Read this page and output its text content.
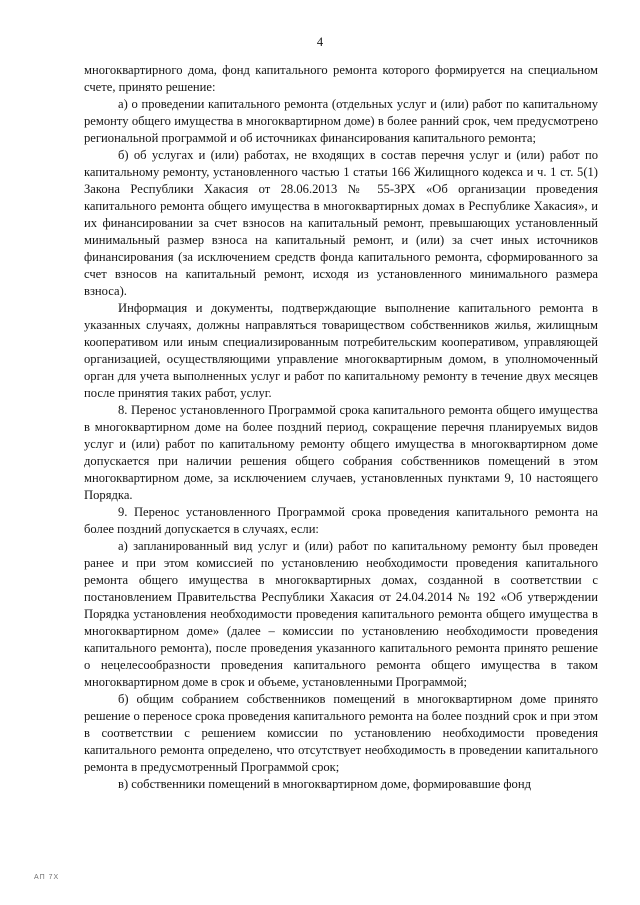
4

многоквартирного дома, фонд капитального ремонта которого формируется на специальном счете, принято решение:

а) о проведении капитального ремонта (отдельных услуг и (или) работ по капитальному ремонту общего имущества в многоквартирном доме) в более ранний срок, чем предусмотрено региональной программой и об источниках финансирования капитального ремонта;

б) об услугах и (или) работах, не входящих в состав перечня услуг и (или) работ по капитальному ремонту, установленного частью 1 статьи 166 Жилищного кодекса и ч. 1 ст. 5(1) Закона Республики Хакасия от 28.06.2013 № 55-ЗРХ «Об организации проведения капитального ремонта общего имущества в многоквартирных домах в Республике Хакасия», и их финансировании за счет взносов на капитальный ремонт, превышающих установленный минимальный размер взноса на капитальный ремонт, и (или) за счет иных источников финансирования (за исключением средств фонда капитального ремонта, сформированного за счет взносов на капитальный ремонт, исходя из установленного минимального размера взноса).

Информация и документы, подтверждающие выполнение капитального ремонта в указанных случаях, должны направляться товариществом собственников жилья, жилищным кооперативом или иным специализированным потребительским кооперативом, управляющей организацией, осуществляющими управление многоквартирным домом, в уполномоченный орган для учета выполненных услуг и работ по капитальному ремонту в течение двух месяцев после принятия таких работ, услуг.

8. Перенос установленного Программой срока капитального ремонта общего имущества в многоквартирном доме на более поздний период, сокращение перечня планируемых видов услуг и (или) работ по капитальному ремонту общего имущества в многоквартирном доме допускается при наличии решения общего собрания собственников помещений в этом многоквартирном доме, за исключением случаев, установленных пунктами 9, 10 настоящего Порядка.

9. Перенос установленного Программой срока проведения капитального ремонта на более поздний допускается в случаях, если:

а) запланированный вид услуг и (или) работ по капитальному ремонту был проведен ранее и при этом комиссией по установлению необходимости проведения капитального ремонта общего имущества в многоквартирных домах, созданной в соответствии с постановлением Правительства Республики Хакасия от 24.04.2014 № 192 «Об утверждении Порядка установления необходимости проведения капитального ремонта общего имущества в многоквартирном доме» (далее – комиссии по установлению необходимости проведения капитального ремонта), после проведения указанного капитального ремонта принято решение о нецелесообразности проведения капитального ремонта общего имущества в таком многоквартирном доме в срок и объеме, установленными Программой;

б) общим собранием собственников помещений в многоквартирном доме принято решение о переносе срока проведения капитального ремонта на более поздний срок и при этом в соответствии с решением комиссии по установлению необходимости проведения капитального ремонта определено, что отсутствует необходимость в проведении капитального ремонта в предусмотренный Программой срок;

в) собственники помещений в многоквартирном доме, формировавшие фонд

АП 7Х
